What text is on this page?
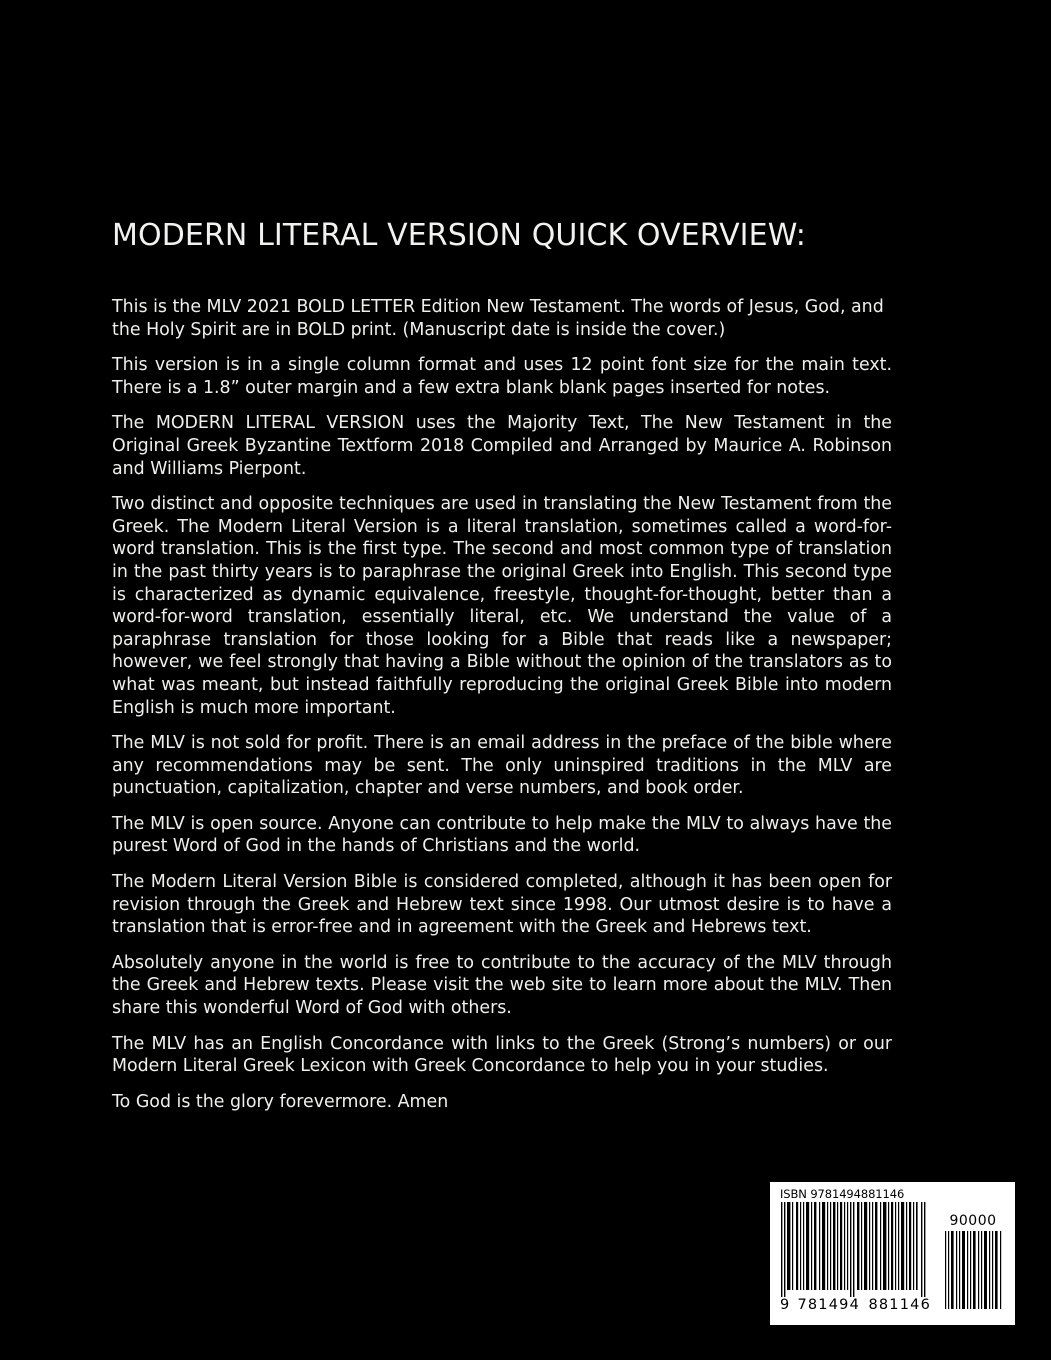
MODERN LITERAL VERSION QUICK OVERVIEW:

This is the MLV 2021 BOLD LETTER Edition New Testament. The words of Jesus, God, and the Holy Spirit are in BOLD print. (Manuscript date is inside the cover.)

This version is in a single column format and uses 12 point font size for the main text. There is a 1.8” outer margin and a few extra blank blank pages inserted for notes.

The MODERN LITERAL VERSION uses the Majority Text, The New Testament in the Original Greek Byzantine Textform 2018 Compiled and Arranged by Maurice A. Robinson and Williams Pierpont.

Two distinct and opposite techniques are used in translating the New Testament from the Greek. The Modern Literal Version is a literal translation, sometimes called a word-for-word translation. This is the first type. The second and most common type of translation in the past thirty years is to paraphrase the original Greek into English. This second type is characterized as dynamic equivalence, freestyle, thought-for-thought, better than a word-for-word translation, essentially literal, etc. We understand the value of a paraphrase translation for those looking for a Bible that reads like a newspaper; however, we feel strongly that having a Bible without the opinion of the translators as to what was meant, but instead faithfully reproducing the original Greek Bible into modern English is much more important.

The MLV is not sold for profit. There is an email address in the preface of the bible where any recommendations may be sent. The only uninspired traditions in the MLV are punctuation, capitalization, chapter and verse numbers, and book order.

The MLV is open source. Anyone can contribute to help make the MLV to always have the purest Word of God in the hands of Christians and the world.

The Modern Literal Version Bible is considered completed, although it has been open for revision through the Greek and Hebrew text since 1998. Our utmost desire is to have a translation that is error-free and in agreement with the Greek and Hebrews text.

Absolutely anyone in the world is free to contribute to the accuracy of the MLV through the Greek and Hebrew texts. Please visit the web site to learn more about the MLV. Then share this wonderful Word of God with others.

The MLV has an English Concordance with links to the Greek (Strong’s numbers) or our Modern Literal Greek Lexicon with Greek Concordance to help you in your studies.

To God is the glory forevermore. Amen

ISBN 9781494881146
9 781494 881146
90000
